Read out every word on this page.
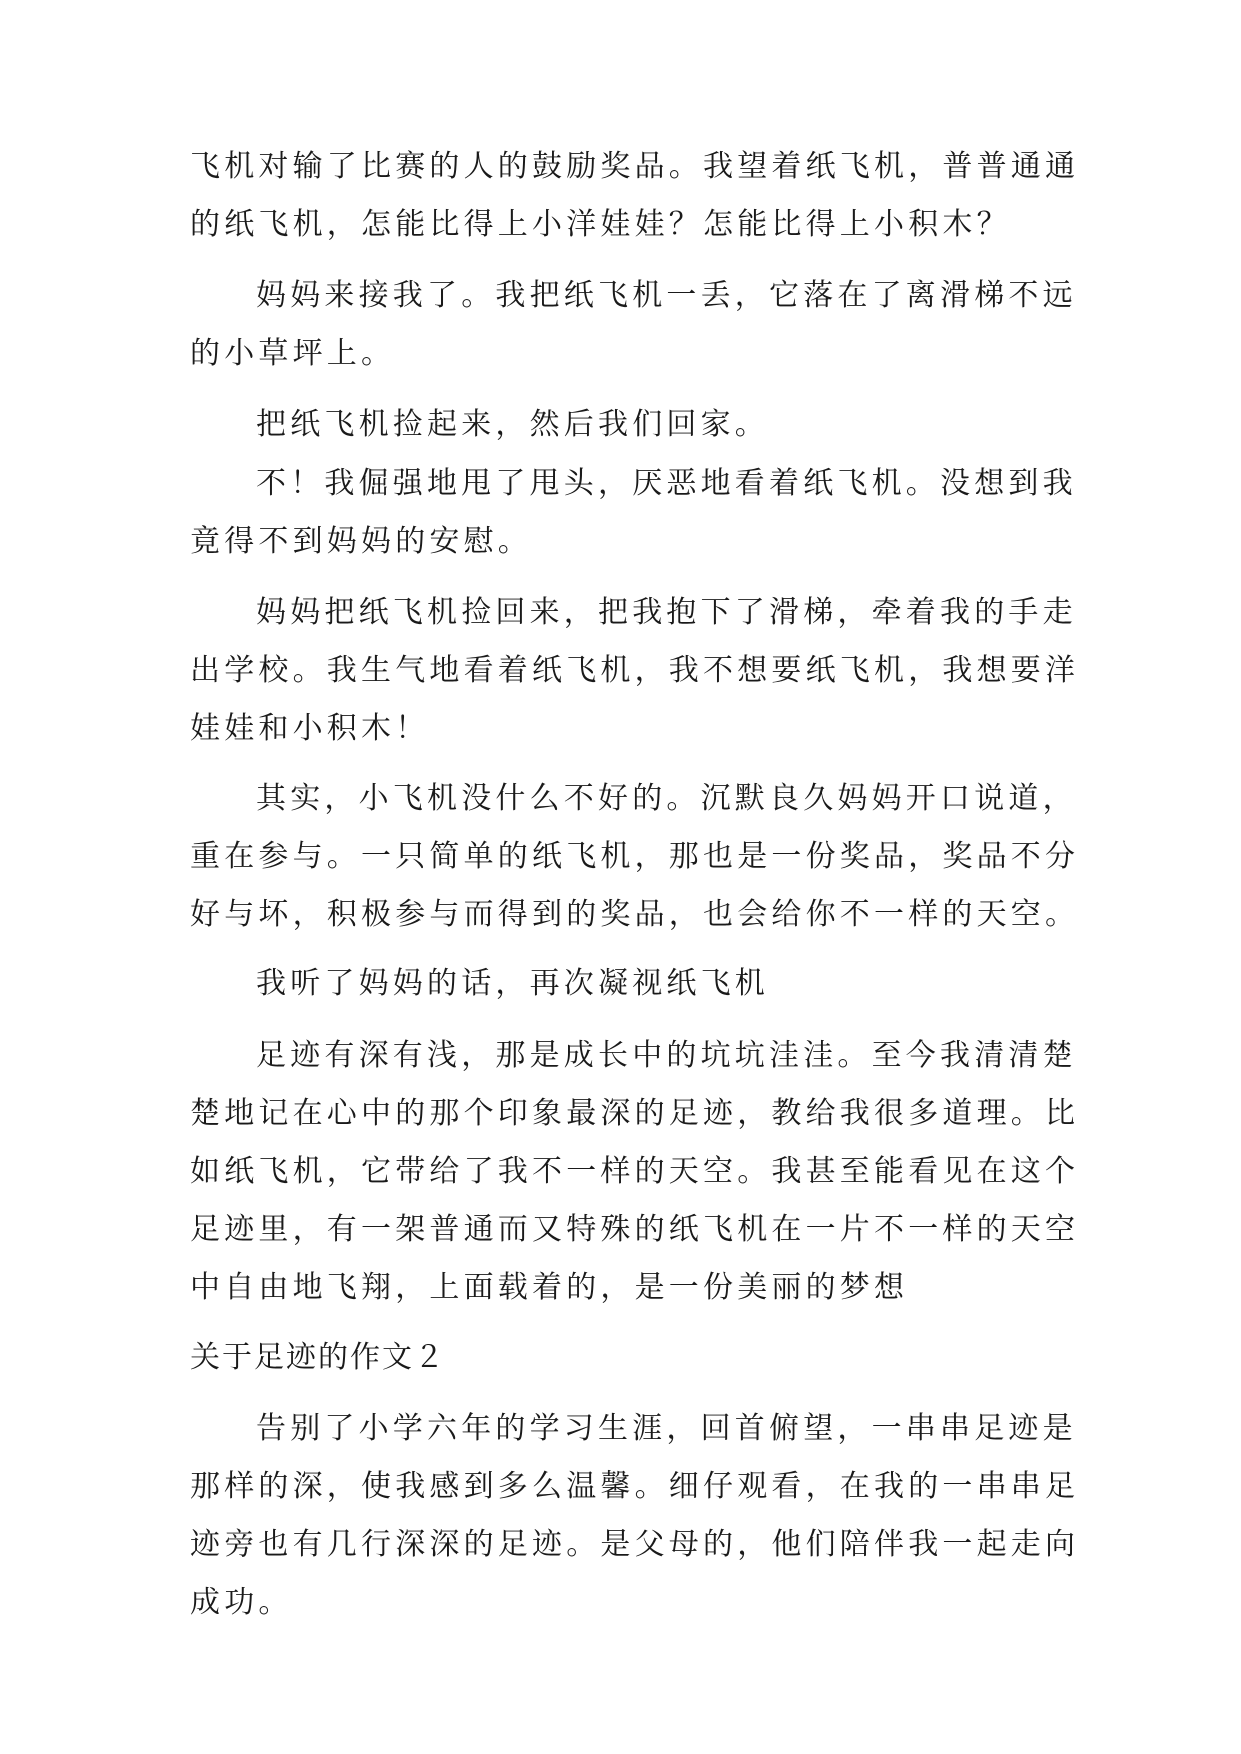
飞机对输了比赛的人的鼓励奖品。我望着纸飞机，普普通通
的纸飞机，怎能比得上小洋娃娃？怎能比得上小积木？
妈妈来接我了。我把纸飞机一丢，它落在了离滑梯不远
的小草坪上。
把纸飞机捡起来，然后我们回家。
不！我倔强地甩了甩头，厌恶地看着纸飞机。没想到我
竟得不到妈妈的安慰。
妈妈把纸飞机捡回来，把我抱下了滑梯，牵着我的手走
出学校。我生气地看着纸飞机，我不想要纸飞机，我想要洋
娃娃和小积木！
其实，小飞机没什么不好的。沉默良久妈妈开口说道，
重在参与。一只简单的纸飞机，那也是一份奖品，奖品不分
好与坏，积极参与而得到的奖品，也会给你不一样的天空。
我听了妈妈的话，再次凝视纸飞机
足迹有深有浅，那是成长中的坑坑洼洼。至今我清清楚
楚地记在心中的那个印象最深的足迹，教给我很多道理。比
如纸飞机，它带给了我不一样的天空。我甚至能看见在这个
足迹里，有一架普通而又特殊的纸飞机在一片不一样的天空
中自由地飞翔，上面载着的，是一份美丽的梦想
关于足迹的作文２
告别了小学六年的学习生涯，回首俯望，一串串足迹是
那样的深，使我感到多么温馨。细仔观看，在我的一串串足
迹旁也有几行深深的足迹。是父母的，他们陪伴我一起走向
成功。
